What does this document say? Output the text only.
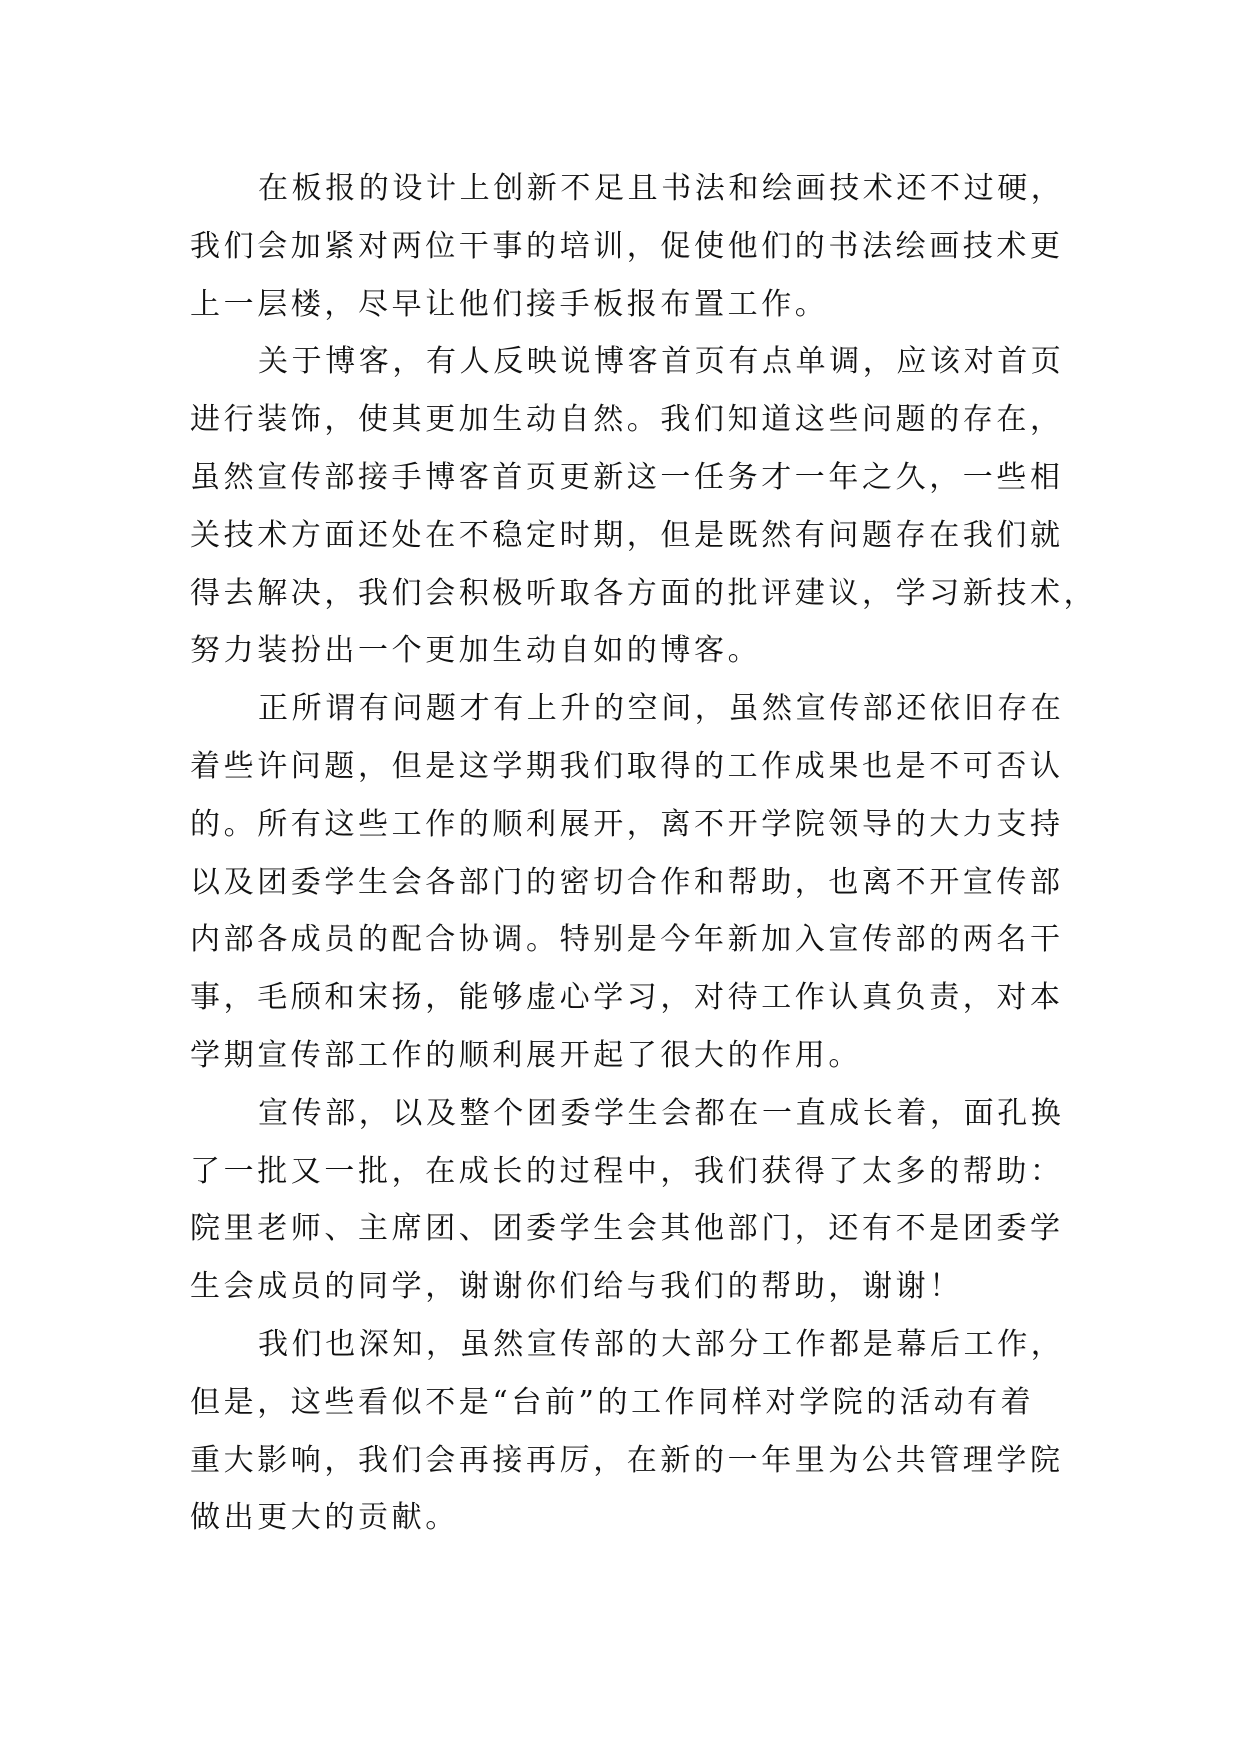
在板报的设计上创新不足且书法和绘画技术还不过硬，
我们会加紧对两位干事的培训，促使他们的书法绘画技术更
上一层楼，尽早让他们接手板报布置工作。
关于博客，有人反映说博客首页有点单调，应该对首页
进行装饰，使其更加生动自然。我们知道这些问题的存在，
虽然宣传部接手博客首页更新这一任务才一年之久，一些相
关技术方面还处在不稳定时期，但是既然有问题存在我们就
得去解决，我们会积极听取各方面的批评建议，学习新技术，
努力装扮出一个更加生动自如的博客。
正所谓有问题才有上升的空间，虽然宣传部还依旧存在
着些许问题，但是这学期我们取得的工作成果也是不可否认
的。所有这些工作的顺利展开，离不开学院领导的大力支持
以及团委学生会各部门的密切合作和帮助，也离不开宣传部
内部各成员的配合协调。特别是今年新加入宣传部的两名干
事，毛颀和宋扬，能够虚心学习，对待工作认真负责，对本
学期宣传部工作的顺利展开起了很大的作用。
宣传部，以及整个团委学生会都在一直成长着，面孔换
了一批又一批，在成长的过程中，我们获得了太多的帮助：
院里老师、主席团、团委学生会其他部门，还有不是团委学
生会成员的同学，谢谢你们给与我们的帮助，谢谢！
我们也深知，虽然宣传部的大部分工作都是幕后工作，
但是，这些看似不是“台前”的工作同样对学院的活动有着
重大影响，我们会再接再厉，在新的一年里为公共管理学院
做出更大的贡献。
